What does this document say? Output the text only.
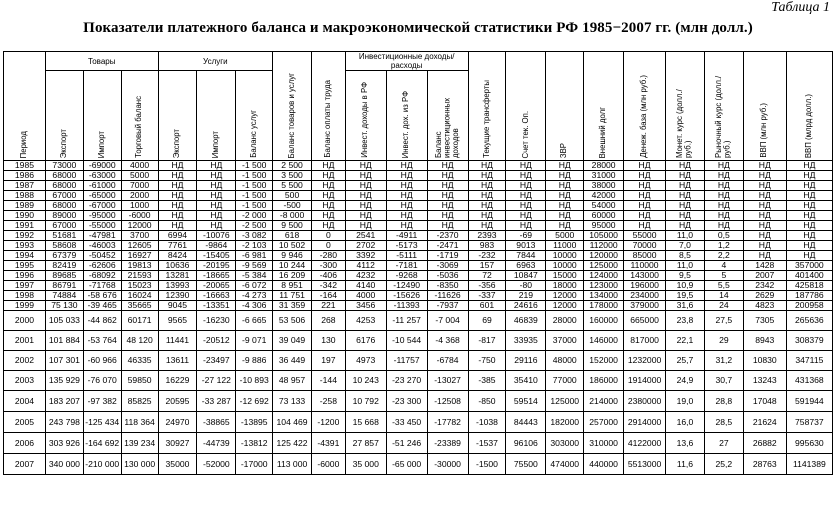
Таблица 1
Показатели платежного баланса и макроэкономической статистики РФ 1985−2007 гг. (млн долл.)
Период	Товары			Услуги			Баланс товаров и услуг	Баланс оплаты труда	Инвестиционные доходы/расходы			Текущие трансферты	Счет тек. Оп.	ЗВР	Внешний долг	Денеж. база (млн руб.)	Монет. курс (долл./руб.)	Рыночный курс (долл./руб.)	ВВП (млн руб.)	ВВП (млрд долл.)
	Экспорт	Импорт	Торговый баланс	Экспорт	Импорт	Баланс услуг			Инвест. доходы в РФ	Инвест. дох. из РФ	Баланс инвестиционных доходов									
1985	73000	-69000	4000	НД	НД	-1 500	2 500	НД	НД	НД	НД	НД	НД	НД	28000	НД	НД	НД	НД	НД
1986	68000	-63000	5000	НД	НД	-1 500	3 500	НД	НД	НД	НД	НД	НД	НД	31000	НД	НД	НД	НД	НД
1987	68000	-61000	7000	НД	НД	-1 500	5 500	НД	НД	НД	НД	НД	НД	НД	38000	НД	НД	НД	НД	НД
1988	67000	-65000	2000	НД	НД	-1 500	500	НД	НД	НД	НД	НД	НД	НД	42000	НД	НД	НД	НД	НД
1989	68000	-67000	1000	НД	НД	-1 500	-500	НД	НД	НД	НД	НД	НД	НД	54000	НД	НД	НД	НД	НД
1990	89000	-95000	-6000	НД	НД	-2 000	-8 000	НД	НД	НД	НД	НД	НД	НД	60000	НД	НД	НД	НД	НД
1991	67000	-55000	12000	НД	НД	-2 500	9 500	НД	НД	НД	НД	НД	НД	НД	95000	НД	НД	НД	НД	НД
1992	51681	-47981	3700	6994	-10076	-3 082	618	0	2541	-4911	-2370	2393	-69	5000	105000	55000	11,0	0,5	НД	НД
1993	58608	-46003	12605	7761	-9864	-2 103	10 502	0	2702	-5173	-2471	983	9013	11000	112000	70000	7,0	1,2	НД	НД
1994	67379	-50452	16927	8424	-15405	-6 981	9 946	-280	3392	-5111	-1719	-232	7844	10000	120000	85000	8,5	2,2	НД	НД
1995	82419	-62606	19813	10636	-20195	-9 569	10 244	-300	4112	-7181	-3069	157	6963	10000	125000	110000	11,0	4	1428	357000
1996	89685	-68092	21593	13281	-18665	-5 384	16 209	-406	4232	-9268	-5036	72	10847	15000	124000	143000	9,5	5	2007	401400
1997	86791	-71768	15023	13993	-20065	-6 072	8 951	-342	4140	-12490	-8350	-356	-80	18000	123000	196000	10,9	5,5	2342	425818
1998	74884	-58 676	16024	12390	-16663	-4 273	11 751	-164	4000	-15626	-11626	-337	219	12000	134000	234000	19,5	14	2629	187786
1999	75 130	-39 465	35665	9045	-13351	-4 306	31 359	221	3456	-11393	-7937	601	24616	12000	178000	379000	31,6	24	4823	200958
2000	105 033	-44 862	60171	9565	-16230	-6 665	53 506	268	4253	-11 257	-7 004	69	46839	28000	160000	665000	23,8	27,5	7305	265636
2001	101 884	-53 764	48 120	11441	-20512	-9 071	39 049	130	6176	-10 544	-4 368	-817	33935	37000	146000	817000	22,1	29	8943	308379
2002	107 301	-60 966	46335	13611	-23497	-9 886	36 449	197	4973	-11757	-6784	-750	29116	48000	152000	1232000	25,7	31,2	10830	347115
2003	135 929	-76 070	59850	16229	-27 122	-10 893	48 957	-144	10 243	-23 270	-13027	-385	35410	77000	186000	1914000	24,9	30,7	13243	431368
2004	183 207	-97 382	85825	20595	-33 287	-12 692	73 133	-258	10 792	-23 300	-12508	-850	59514	125000	214000	2380000	19,0	28,8	17048	591944
2005	243 798	-125 434	118 364	24970	-38865	-13895	104 469	-1200	15 668	-33 450	-17782	-1038	84443	182000	257000	2914000	16,0	28,5	21624	758737
2006	303 926	-164 692	139 234	30927	-44739	-13812	125 422	-4391	27 857	-51 246	-23389	-1537	96106	303000	310000	4122000	13,6	27	26882	995630
2007	340 000	-210 000	130 000	35000	-52000	-17000	113 000	-6000	35 000	-65 000	-30000	-1500	75500	474000	440000	5513000	11,6	25,2	28763	1141389
